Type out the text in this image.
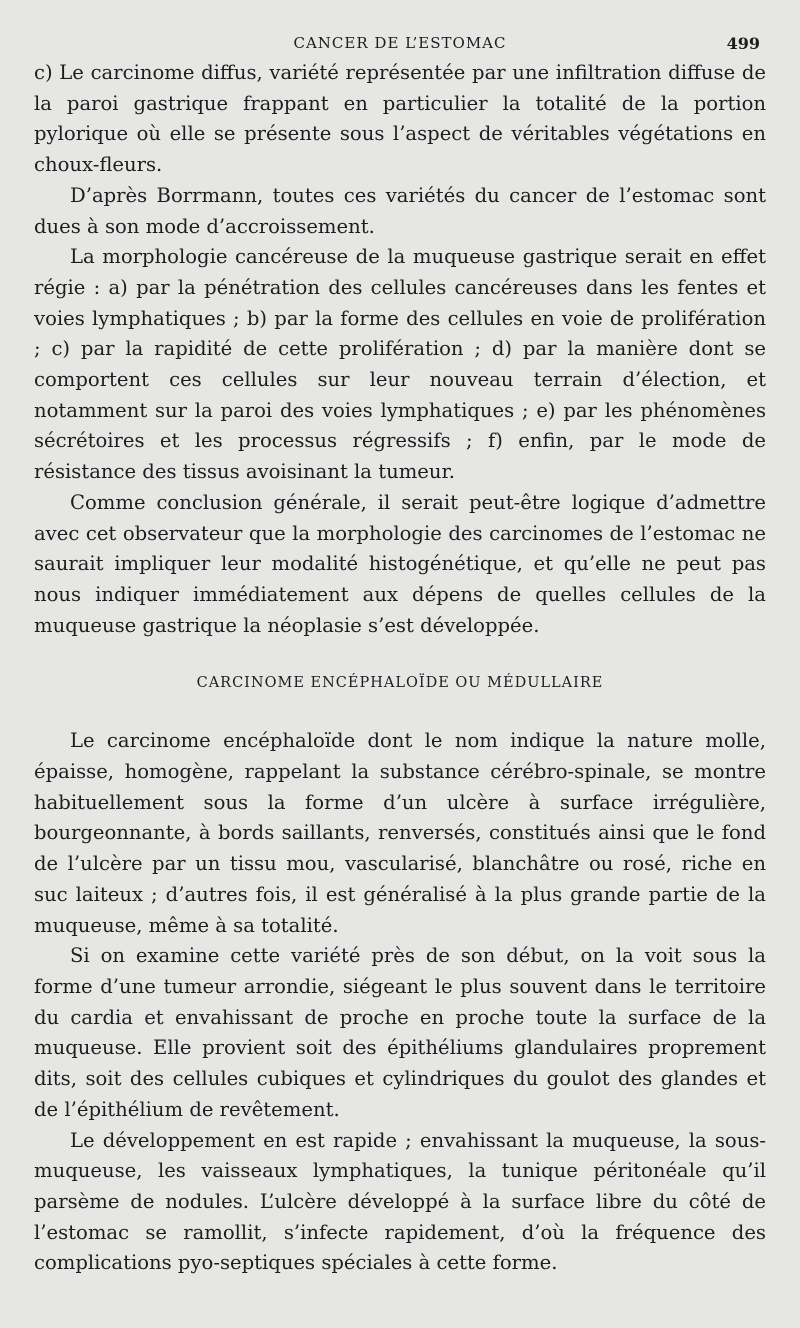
CANCER DE L’ESTOMAC	499

c) Le carcinome diffus, variété représentée par une infiltration diffuse de la paroi gastrique frappant en particulier la totalité de la portion pylorique où elle se présente sous l’aspect de véritables végétations en choux-fleurs.

D’après Borrmann, toutes ces variétés du cancer de l’estomac sont dues à son mode d’accroissement.

La morphologie cancéreuse de la muqueuse gastrique serait en effet régie : a) par la pénétration des cellules cancéreuses dans les fentes et voies lymphatiques ; b) par la forme des cellules en voie de prolifération ; c) par la rapidité de cette prolifération ; d) par la manière dont se comportent ces cellules sur leur nouveau terrain d’élection, et notamment sur la paroi des voies lymphatiques ; e) par les phénomènes sécrétoires et les processus régressifs ; f) enfin, par le mode de résistance des tissus avoisinant la tumeur.

Comme conclusion générale, il serait peut-être logique d’admettre avec cet observateur que la morphologie des carcinomes de l’estomac ne saurait impliquer leur modalité histogénétique, et qu’elle ne peut pas nous indiquer immédiatement aux dépens de quelles cellules de la muqueuse gastrique la néoplasie s’est développée.

CARCINOME ENCÉPHALOÏDE OU MÉDULLAIRE

Le carcinome encéphaloïde dont le nom indique la nature molle, épaisse, homogène, rappelant la substance cérébro-spinale, se montre habituellement sous la forme d’un ulcère à surface irrégulière, bourgeonnante, à bords saillants, renversés, constitués ainsi que le fond de l’ulcère par un tissu mou, vascularisé, blanchâtre ou rosé, riche en suc laiteux ; d’autres fois, il est généralisé à la plus grande partie de la muqueuse, même à sa totalité.

Si on examine cette variété près de son début, on la voit sous la forme d’une tumeur arrondie, siégeant le plus souvent dans le territoire du cardia et envahissant de proche en proche toute la surface de la muqueuse. Elle provient soit des épithéliums glandulaires proprement dits, soit des cellules cubiques et cylindriques du goulot des glandes et de l’épithélium de revêtement.

Le développement en est rapide ; envahissant la muqueuse, la sous-muqueuse, les vaisseaux lymphatiques, la tunique péritonéale qu’il parsème de nodules. L’ulcère développé à la surface libre du côté de l’estomac se ramollit, s’infecte rapidement, d’où la fréquence des complications pyo-septiques spéciales à cette forme.
